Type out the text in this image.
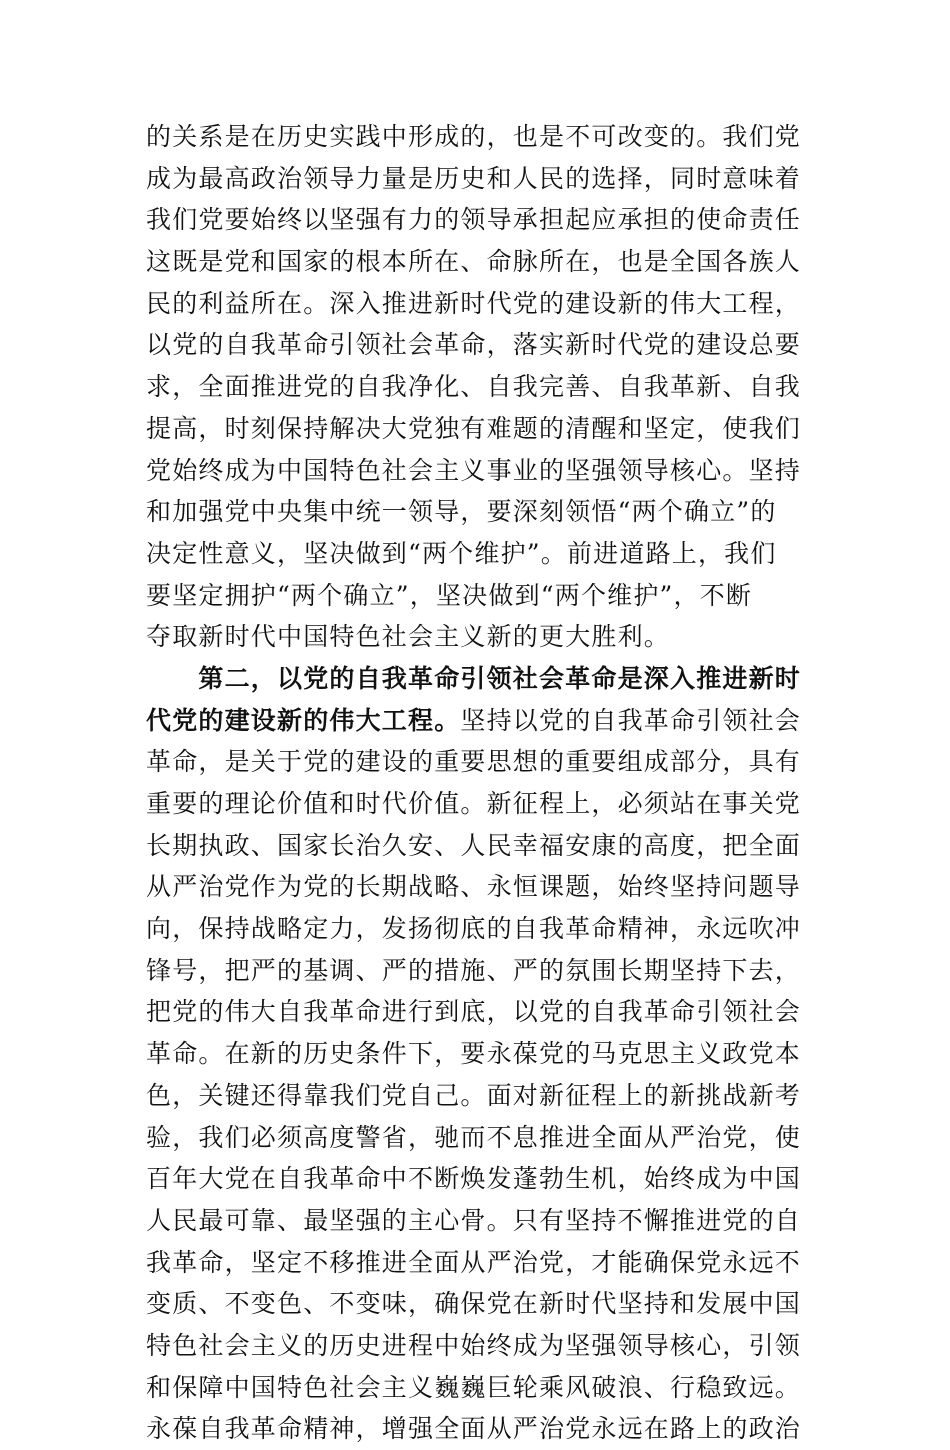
的关系是在历史实践中形成的，也是不可改变的。我们党
成为最高政治领导力量是历史和人民的选择，同时意味着
我们党要始终以坚强有力的领导承担起应承担的使命责任
这既是党和国家的根本所在、命脉所在，也是全国各族人
民的利益所在。深入推进新时代党的建设新的伟大工程，
以党的自我革命引领社会革命，落实新时代党的建设总要
求，全面推进党的自我净化、自我完善、自我革新、自我
提高，时刻保持解决大党独有难题的清醒和坚定，使我们
党始终成为中国特色社会主义事业的坚强领导核心。坚持
和加强党中央集中统一领导，要深刻领悟“两个确立”的
决定性意义，坚决做到“两个维护”。前进道路上，我们
要坚定拥护“两个确立”，坚决做到“两个维护”，不断
夺取新时代中国特色社会主义新的更大胜利。
　　第二，以党的自我革命引领社会革命是深入推进新时
代党的建设新的伟大工程。坚持以党的自我革命引领社会
革命，是关于党的建设的重要思想的重要组成部分，具有
重要的理论价值和时代价值。新征程上，必须站在事关党
长期执政、国家长治久安、人民幸福安康的高度，把全面
从严治党作为党的长期战略、永恒课题，始终坚持问题导
向，保持战略定力，发扬彻底的自我革命精神，永远吹冲
锋号，把严的基调、严的措施、严的氛围长期坚持下去，
把党的伟大自我革命进行到底，以党的自我革命引领社会
革命。在新的历史条件下，要永葆党的马克思主义政党本
色，关键还得靠我们党自己。面对新征程上的新挑战新考
验，我们必须高度警省，驰而不息推进全面从严治党，使
百年大党在自我革命中不断焕发蓬勃生机，始终成为中国
人民最可靠、最坚强的主心骨。只有坚持不懈推进党的自
我革命，坚定不移推进全面从严治党，才能确保党永远不
变质、不变色、不变味，确保党在新时代坚持和发展中国
特色社会主义的历史进程中始终成为坚强领导核心，引领
和保障中国特色社会主义巍巍巨轮乘风破浪、行稳致远。
永葆自我革命精神，增强全面从严治党永远在路上的政治
